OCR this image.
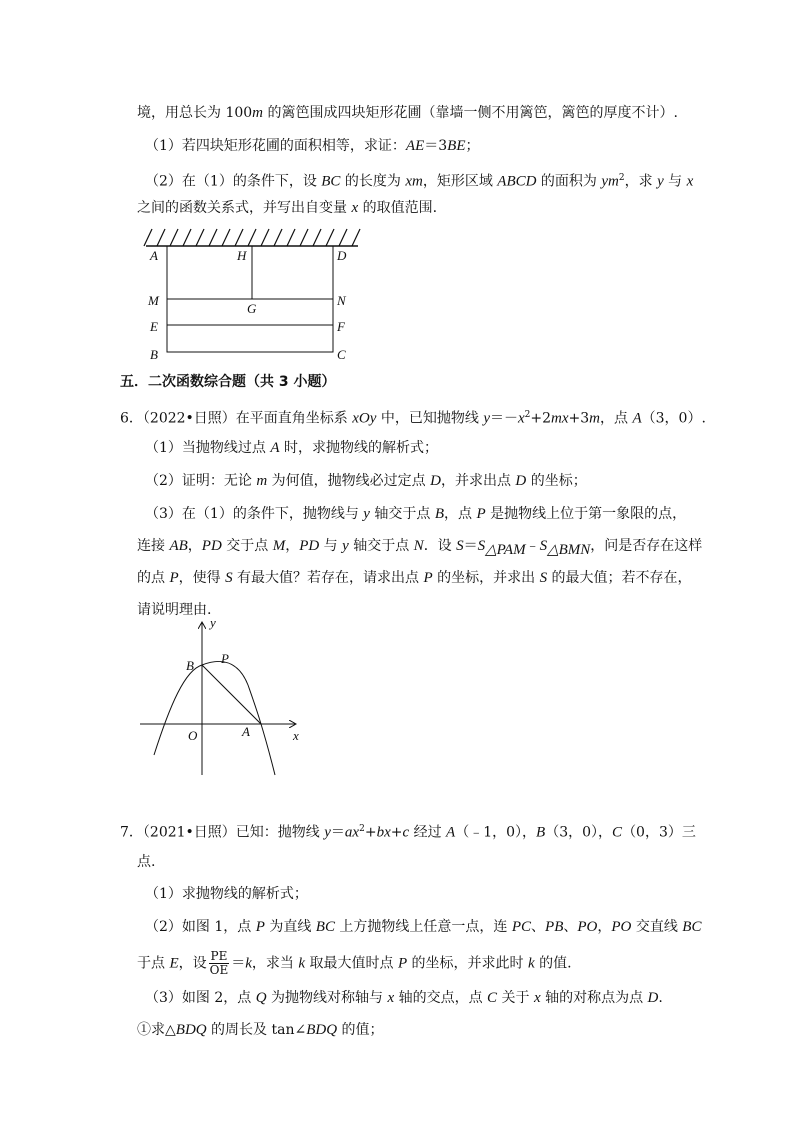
境，用总长为 100m 的篱笆围成四块矩形花圃（靠墙一侧不用篱笆，篱笆的厚度不计）.
（1）若四块矩形花圃的面积相等，求证：AE＝3BE；
（2）在（1）的条件下，设 BC 的长度为 xm，矩形区域 ABCD 的面积为 $ym^2$，求 y 与 x
之间的函数关系式，并写出自变量 x 的取值范围.
A	H	D
M	N
G
E	F
B	C
五．二次函数综合题（共 3 小题）
6．（2022•日照）在平面直角坐标系 xOy 中，已知抛物线 $y=-x^2+2mx+3m$，点 A（3，0）.
（1）当抛物线过点 A 时，求抛物线的解析式；
（2）证明：无论 m 为何值，抛物线必过定点 D，并求出点 D 的坐标；
（3）在（1）的条件下，抛物线与 y 轴交于点 B，点 P 是抛物线上位于第一象限的点，
连接 AB，PD 交于点 M，PD 与 y 轴交于点 N．设 $S=S_{\triangle PAM}﹣S_{\triangle BMN}$，问是否存在这样
的点 P，使得 S 有最大值？若存在，请求出点 P 的坐标，并求出 S 的最大值；若不存在，
请说明理由.
y
B P
O	A	x
7．（2021•日照）已知：抛物线 $y=ax^2+bx+c$ 经过 A（﹣1，0），B（3，0），C（0，3）三
点.
（1）求抛物线的解析式；
（2）如图 1，点 P 为直线 BC 上方抛物线上任意一点，连 PC、PB、PO，PO 交直线 BC
于点 E，设 $\frac{PE}{OE} =k$，求当 k 取最大值时点 P 的坐标，并求此时 k 的值.
（3）如图 2，点 Q 为抛物线对称轴与 x 轴的交点，点 C 关于 x 轴的对称点为点 D.
①求△BDQ 的周长及 tan∠BDQ 的值；
